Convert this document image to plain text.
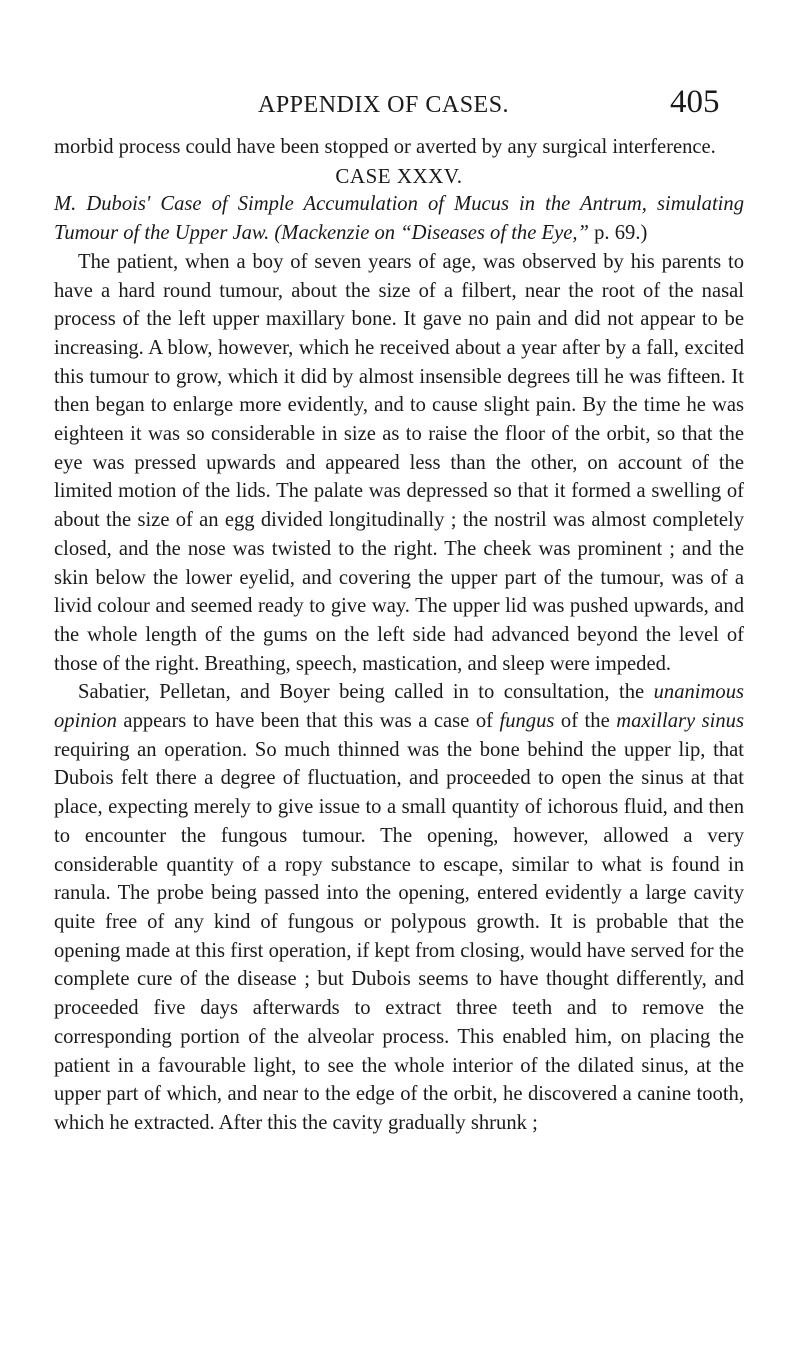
APPENDIX OF CASES.	405

morbid process could have been stopped or averted by any surgical interference.

CASE XXXV.

M. Dubois' Case of Simple Accumulation of Mucus in the Antrum, simulating Tumour of the Upper Jaw. (Mackenzie on “Diseases of the Eye,” p. 69.)

The patient, when a boy of seven years of age, was observed by his parents to have a hard round tumour, about the size of a filbert, near the root of the nasal process of the left upper maxillary bone. It gave no pain and did not appear to be increasing. A blow, however, which he received about a year after by a fall, excited this tumour to grow, which it did by almost insensible degrees till he was fifteen. It then began to enlarge more evidently, and to cause slight pain. By the time he was eighteen it was so considerable in size as to raise the floor of the orbit, so that the eye was pressed upwards and appeared less than the other, on account of the limited motion of the lids. The palate was depressed so that it formed a swelling of about the size of an egg divided longitudinally ; the nostril was almost completely closed, and the nose was twisted to the right. The cheek was prominent ; and the skin below the lower eyelid, and covering the upper part of the tumour, was of a livid colour and seemed ready to give way. The upper lid was pushed upwards, and the whole length of the gums on the left side had advanced beyond the level of those of the right. Breathing, speech, mastication, and sleep were impeded.

Sabatier, Pelletan, and Boyer being called in to consultation, the unanimous opinion appears to have been that this was a case of fungus of the maxillary sinus requiring an operation. So much thinned was the bone behind the upper lip, that Dubois felt there a degree of fluctuation, and proceeded to open the sinus at that place, expecting merely to give issue to a small quantity of ichorous fluid, and then to encounter the fungous tumour. The opening, however, allowed a very considerable quantity of a ropy substance to escape, similar to what is found in ranula. The probe being passed into the opening, entered evidently a large cavity quite free of any kind of fungous or polypous growth. It is probable that the opening made at this first operation, if kept from closing, would have served for the complete cure of the disease ; but Dubois seems to have thought differently, and proceeded five days afterwards to extract three teeth and to remove the corresponding portion of the alveolar process. This enabled him, on placing the patient in a favourable light, to see the whole interior of the dilated sinus, at the upper part of which, and near to the edge of the orbit, he discovered a canine tooth, which he extracted. After this the cavity gradually shrunk ;
